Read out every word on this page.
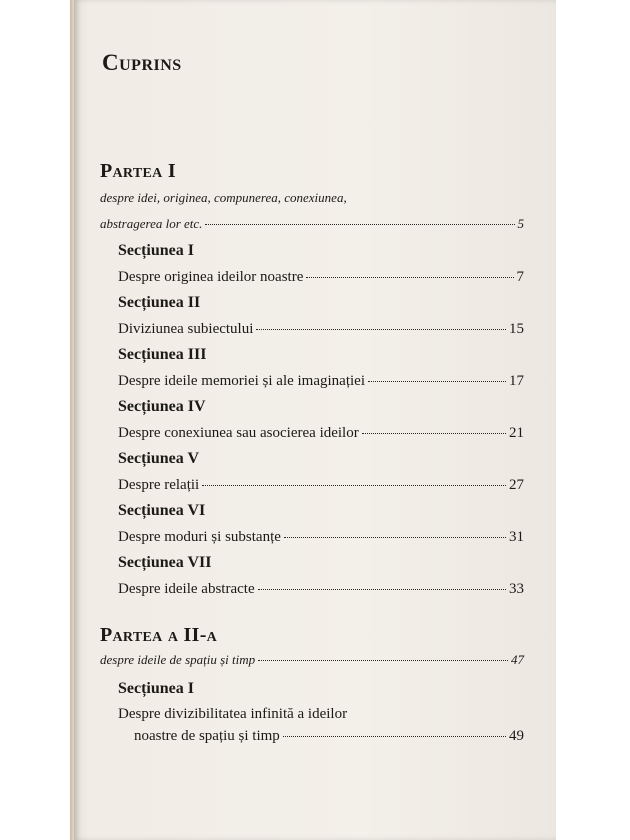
Cuprins
Partea I
despre idei, originea, compunerea, conexiunea,
abstragerea lor etc.	5
Secțiunea I
Despre originea ideilor noastre	7
Secțiunea II
Diviziunea subiectului	15
Secțiunea III
Despre ideile memoriei și ale imaginației	17
Secțiunea IV
Despre conexiunea sau asocierea ideilor	21
Secțiunea V
Despre relații	27
Secțiunea VI
Despre moduri și substanțe	31
Secțiunea VII
Despre ideile abstracte	33
Partea a II-a
despre ideile de spațiu și timp	47
Secțiunea I
Despre divizibilitatea infinită a ideilor
noastre de spațiu și timp	49
